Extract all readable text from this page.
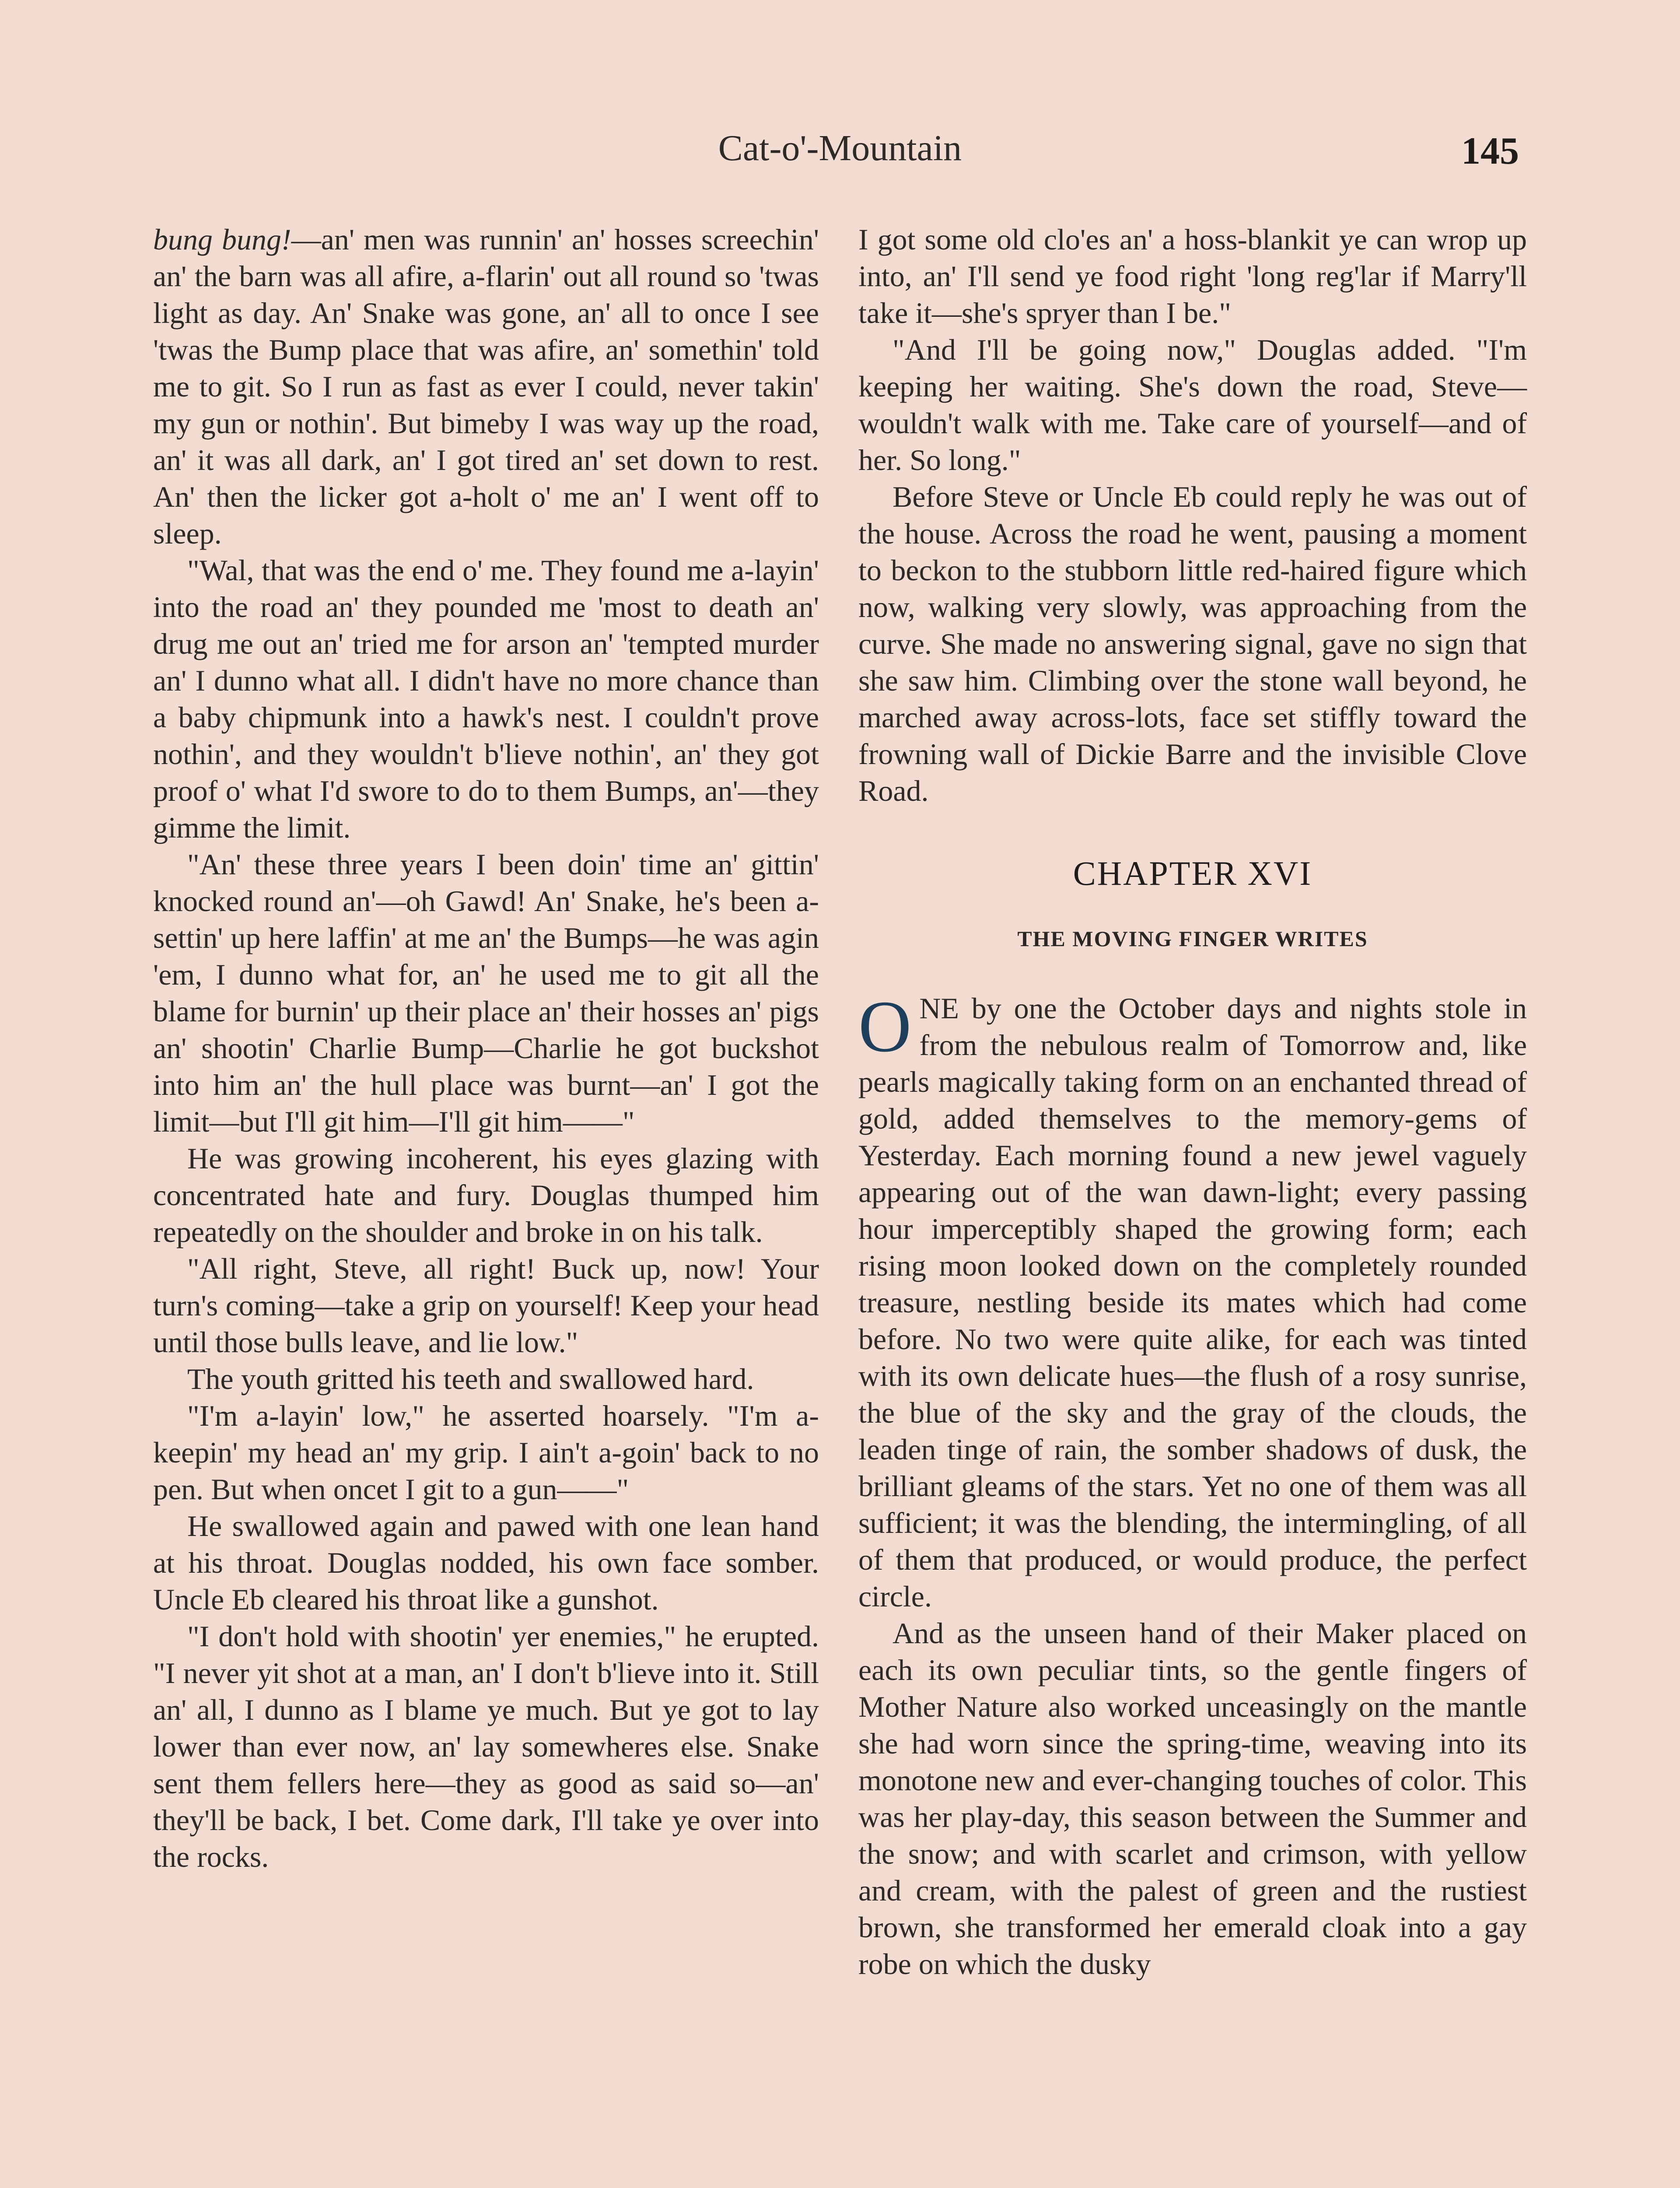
Cat-o'-Mountain	145

bung bung!—an' men was runnin' an' hosses screechin' an' the barn was all afire, a-flarin' out all round so 'twas light as day. An' Snake was gone, an' all to once I see 'twas the Bump place that was afire, an' somethin' told me to git. So I run as fast as ever I could, never takin' my gun or nothin'. But bimeby I was way up the road, an' it was all dark, an' I got tired an' set down to rest. An' then the licker got a-holt o' me an' I went off to sleep.

"Wal, that was the end o' me. They found me a-layin' into the road an' they pounded me 'most to death an' drug me out an' tried me for arson an' 'tempted murder an' I dunno what all. I didn't have no more chance than a baby chipmunk into a hawk's nest. I couldn't prove nothin', and they wouldn't b'lieve nothin', an' they got proof o' what I'd swore to do to them Bumps, an'—they gimme the limit.

"An' these three years I been doin' time an' gittin' knocked round an'—oh Gawd! An' Snake, he's been a-settin' up here laffin' at me an' the Bumps—he was agin 'em, I dunno what for, an' he used me to git all the blame for burnin' up their place an' their hosses an' pigs an' shootin' Charlie Bump—Charlie he got buckshot into him an' the hull place was burnt—an' I got the limit—but I'll git him—I'll git him——"

He was growing incoherent, his eyes glazing with concentrated hate and fury. Douglas thumped him repeatedly on the shoulder and broke in on his talk.

"All right, Steve, all right! Buck up, now! Your turn's coming—take a grip on yourself! Keep your head until those bulls leave, and lie low."

The youth gritted his teeth and swallowed hard.

"I'm a-layin' low," he asserted hoarsely. "I'm a-keepin' my head an' my grip. I ain't a-goin' back to no pen. But when oncet I git to a gun——"

He swallowed again and pawed with one lean hand at his throat. Douglas nodded, his own face somber. Uncle Eb cleared his throat like a gunshot.

"I don't hold with shootin' yer enemies," he erupted. "I never yit shot at a man, an' I don't b'lieve into it. Still an' all, I dunno as I blame ye much. But ye got to lay lower than ever now, an' lay somewheres else. Snake sent them fellers here—they as good as said so—an' they'll be back, I bet. Come dark, I'll take ye over into the rocks.

I got some old clo'es an' a hoss-blankit ye can wrop up into, an' I'll send ye food right 'long reg'lar if Marry'll take it—she's spryer than I be."

"And I'll be going now," Douglas added. "I'm keeping her waiting. She's down the road, Steve—wouldn't walk with me. Take care of yourself—and of her. So long."

Before Steve or Uncle Eb could reply he was out of the house. Across the road he went, pausing a moment to beckon to the stubborn little red-haired figure which now, walking very slowly, was approaching from the curve. She made no answering signal, gave no sign that she saw him. Climbing over the stone wall beyond, he marched away across-lots, face set stiffly toward the frowning wall of Dickie Barre and the invisible Clove Road.

CHAPTER XVI
THE MOVING FINGER WRITES

ONE by one the October days and nights stole in from the nebulous realm of Tomorrow and, like pearls magically taking form on an enchanted thread of gold, added themselves to the memory-gems of Yesterday. Each morning found a new jewel vaguely appearing out of the wan dawn-light; every passing hour imperceptibly shaped the growing form; each rising moon looked down on the completely rounded treasure, nestling beside its mates which had come before. No two were quite alike, for each was tinted with its own delicate hues—the flush of a rosy sunrise, the blue of the sky and the gray of the clouds, the leaden tinge of rain, the somber shadows of dusk, the brilliant gleams of the stars. Yet no one of them was all sufficient; it was the blending, the intermingling, of all of them that produced, or would produce, the perfect circle.

And as the unseen hand of their Maker placed on each its own peculiar tints, so the gentle fingers of Mother Nature also worked unceasingly on the mantle she had worn since the spring-time, weaving into its monotone new and ever-changing touches of color. This was her play-day, this season between the Summer and the snow; and with scarlet and crimson, with yellow and cream, with the palest of green and the rustiest brown, she transformed her emerald cloak into a gay robe on which the dusky
